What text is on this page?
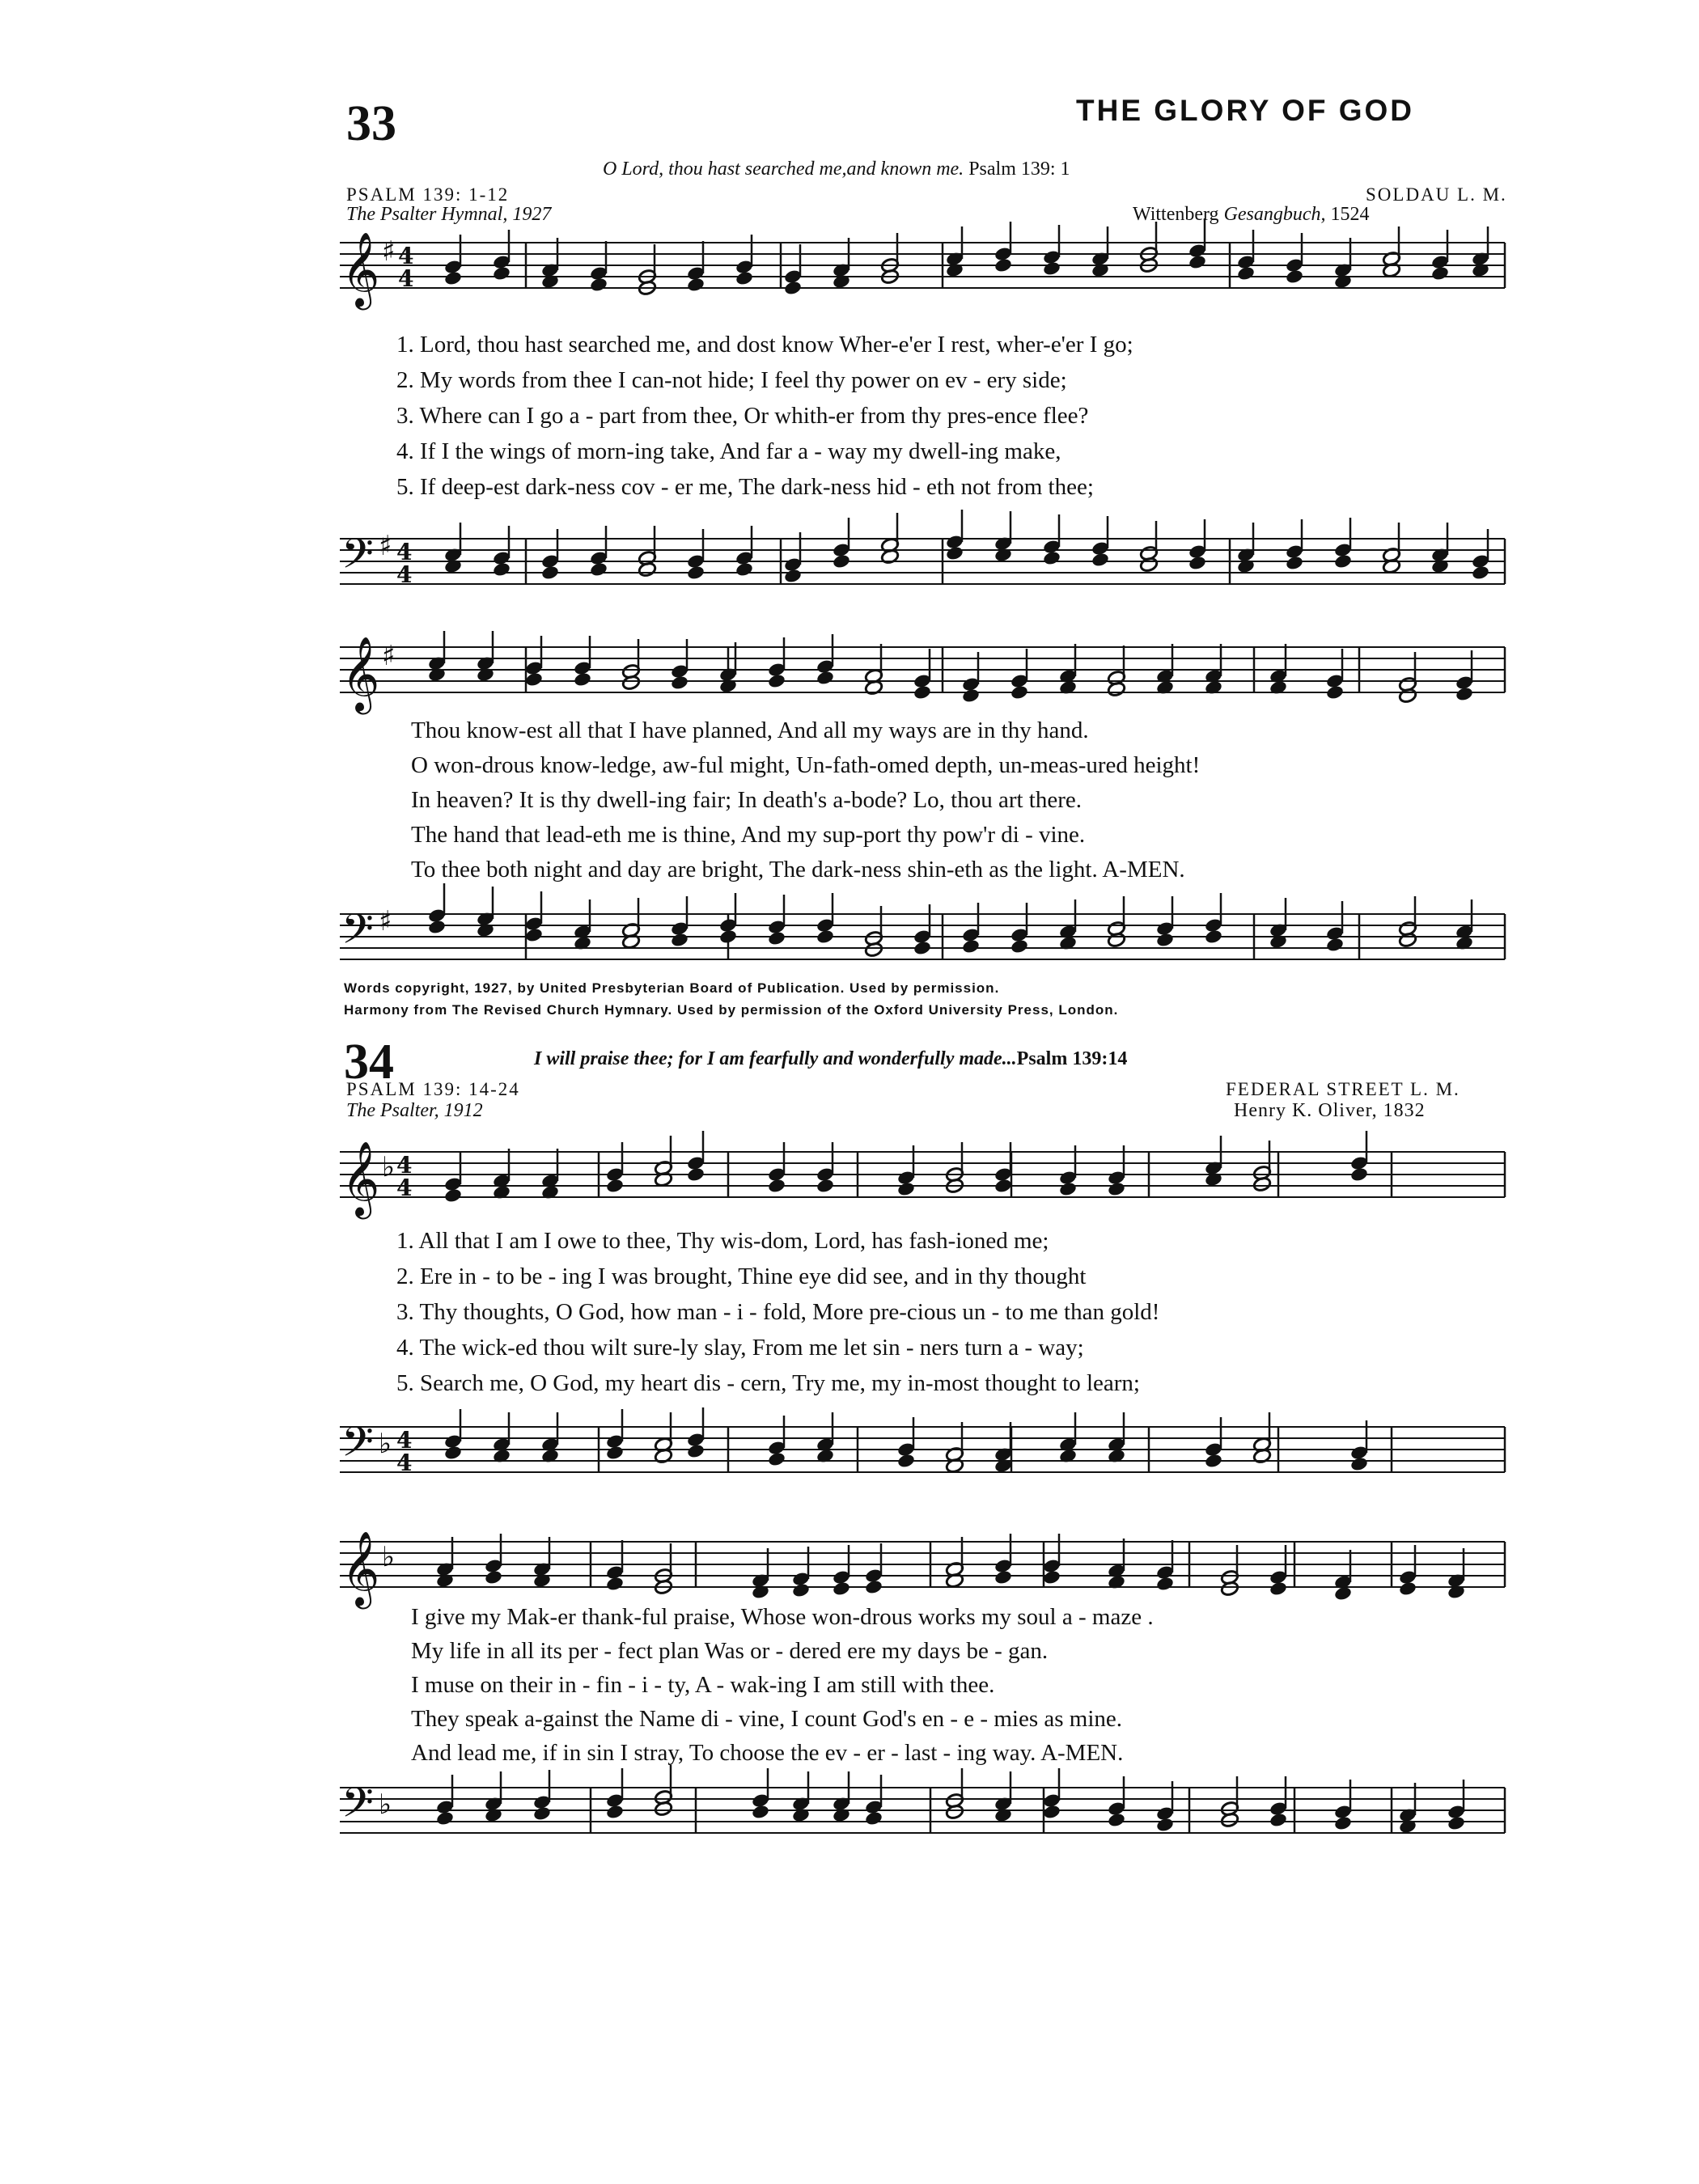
33	THE GLORY OF GOD
O Lord, thou hast searched me,and known me. Psalm 139: 1
PSALM 139: 1-12	SOLDAU L. M.
The Psalter Hymnal, 1927	Wittenberg Gesangbuch, 1524
𝄞 ♯ 4
4
1. Lord, thou hast searched me, and dost know Wher-e'er I rest, wher-e'er I go;
2. My words from thee I can-not hide; I feel thy power on ev - ery side;
3. Where can I go a - part from thee, Or whith-er from thy pres-ence flee?
4. If I the wings of morn-ing take, And far a - way my dwell-ing make,
5. If deep-est dark-ness cov - er me, The dark-ness hid - eth not from thee;
𝄢 ♯ 4
4
𝄞 ♯
Thou know-est all that I have planned, And all my ways are in thy hand.
O won-drous know-ledge, aw-ful might, Un-fath-omed depth, un-meas-ured height!
In heaven? It is thy dwell-ing fair; In death's a-bode? Lo, thou art there.
The hand that lead-eth me is thine, And my sup-port thy pow'r di - vine.
To thee both night and day are bright, The dark-ness shin-eth as the light. A-MEN.
𝄢 ♯
Words copyright, 1927, by United Presbyterian Board of Publication. Used by permission.
Harmony from The Revised Church Hymnary. Used by permission of the Oxford University Press, London.
34	I will praise thee; for I am fearfully and wonderfully made...Psalm 139:14
PSALM 139: 14-24	FEDERAL STREET L. M.
The Psalter, 1912	Henry K. Oliver, 1832
𝄞 ♭ 4
4
1. All that I am I owe to thee, Thy wis-dom, Lord, has fash-ioned me;
2. Ere in - to be - ing I was brought, Thine eye did see, and in thy thought
3. Thy thoughts, O God, how man - i - fold, More pre-cious un - to me than gold!
4. The wick-ed thou wilt sure-ly slay, From me let sin - ners turn a - way;
5. Search me, O God, my heart dis - cern, Try me, my in-most thought to learn;
𝄢 ♭ 4
4
𝄞 ♭
I give my Mak-er thank-ful praise, Whose won-drous works my soul a - maze .
My life in all its per - fect plan Was or - dered ere my days be - gan.
I muse on their in - fin - i - ty, A - wak-ing I am still with thee.
They speak a-gainst the Name di - vine, I count God's en - e - mies as mine.
And lead me, if in sin I stray, To choose the ev - er - last - ing way. A-MEN.
𝄢 ♭
